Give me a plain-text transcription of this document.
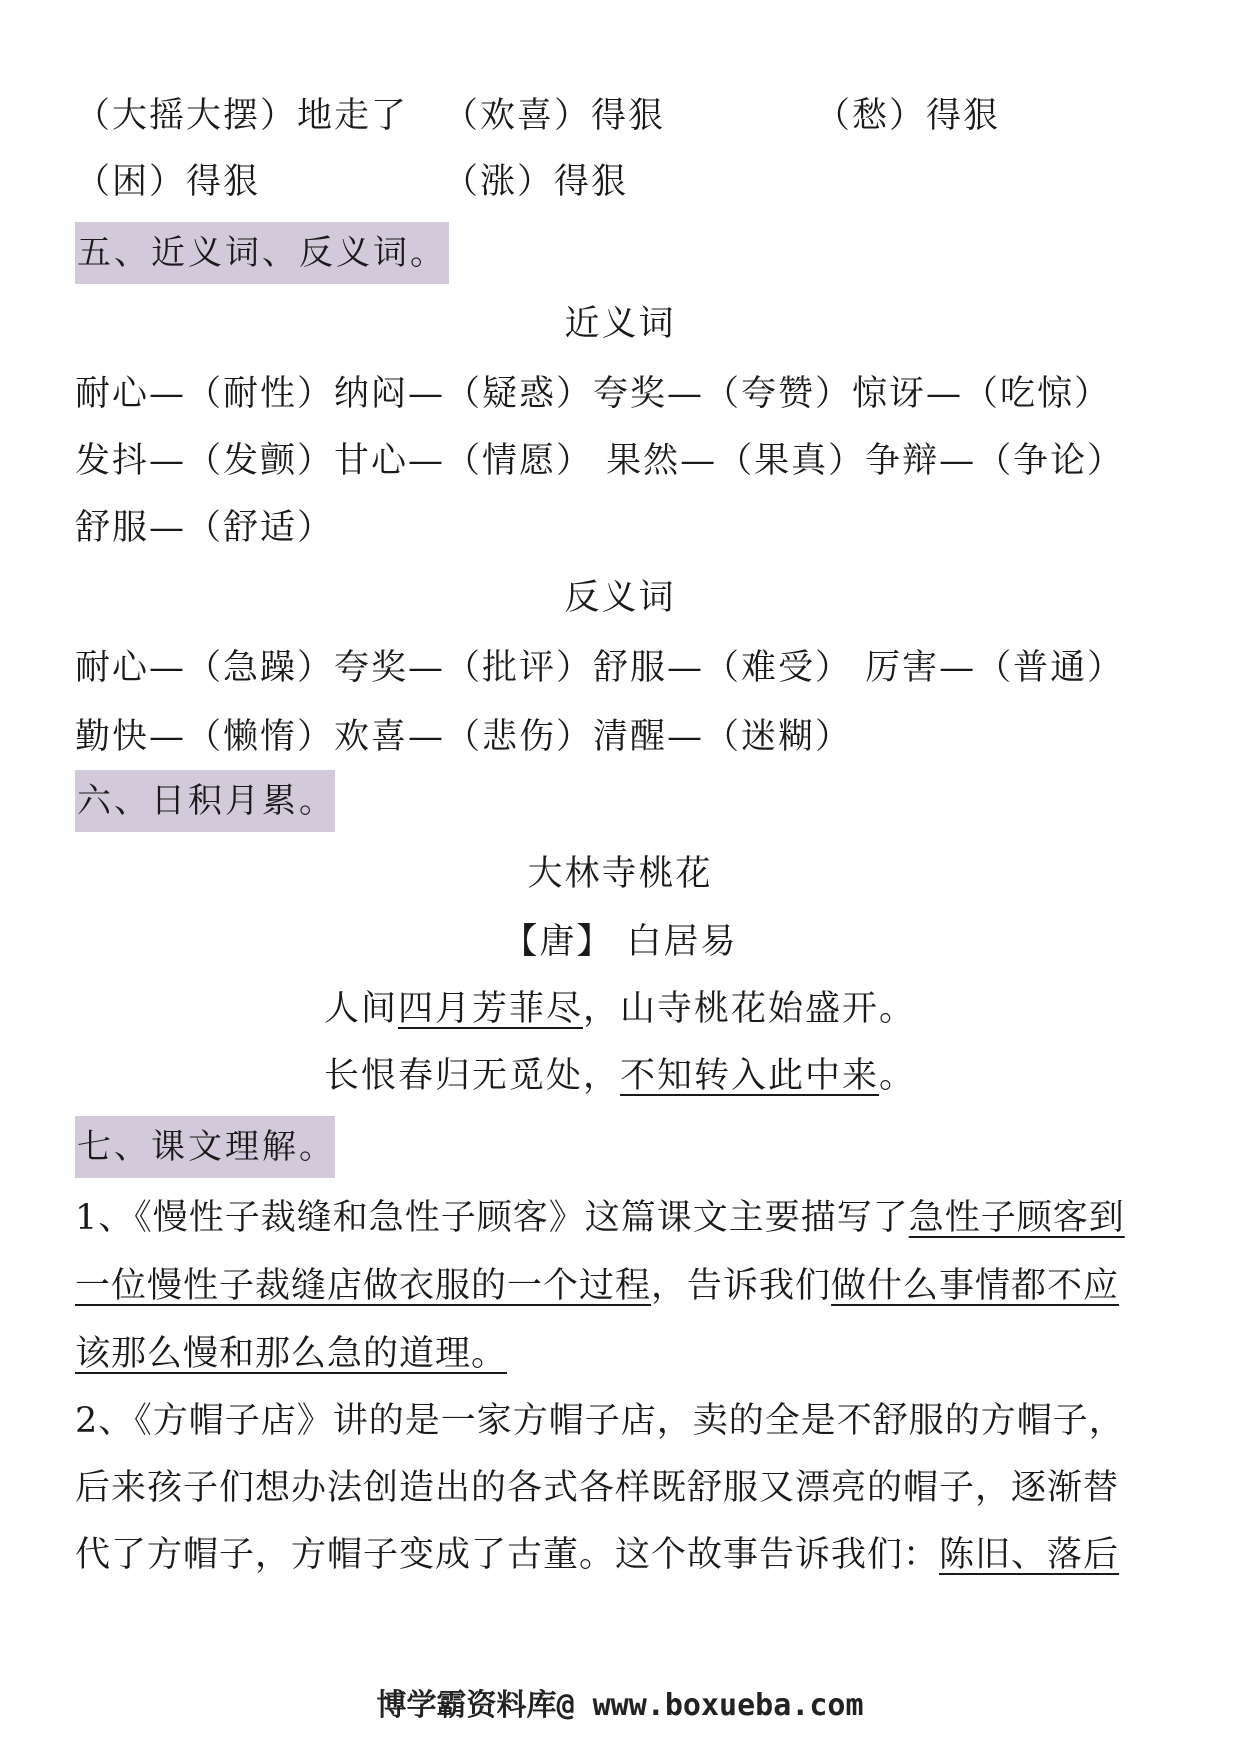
（大摇大摆）地走了 （欢喜）得狠	（愁）得狠
（困）得狠	（涨）得狠
五、近义词、反义词。
近义词
耐心—（耐性）纳闷—（疑惑）夸奖—（夸赞）惊讶—（吃惊）
发抖—（发颤）甘心—（情愿） 果然—（果真）争辩—（争论）
舒服—（舒适）
反义词
耐心—（急躁）夸奖—（批评）舒服—（难受） 厉害—（普通）
勤快—（懒惰）欢喜—（悲伤）清醒—（迷糊）
六、日积月累。
大林寺桃花
【唐】 白居易
人间四月芳菲尽，山寺桃花始盛开。
长恨春归无觅处，不知转入此中来。
七、课文理解。
1、《慢性子裁缝和急性子顾客》这篇课文主要描写了急性子顾客到
一位慢性子裁缝店做衣服的一个过程，告诉我们做什么事情都不应
该那么慢和那么急的道理。
2、《方帽子店》讲的是一家方帽子店，卖的全是不舒服的方帽子，
后来孩子们想办法创造出的各式各样既舒服又漂亮的帽子，逐渐替
代了方帽子，方帽子变成了古董。这个故事告诉我们：陈旧、落后
博学霸资料库@ www.boxueba.com
